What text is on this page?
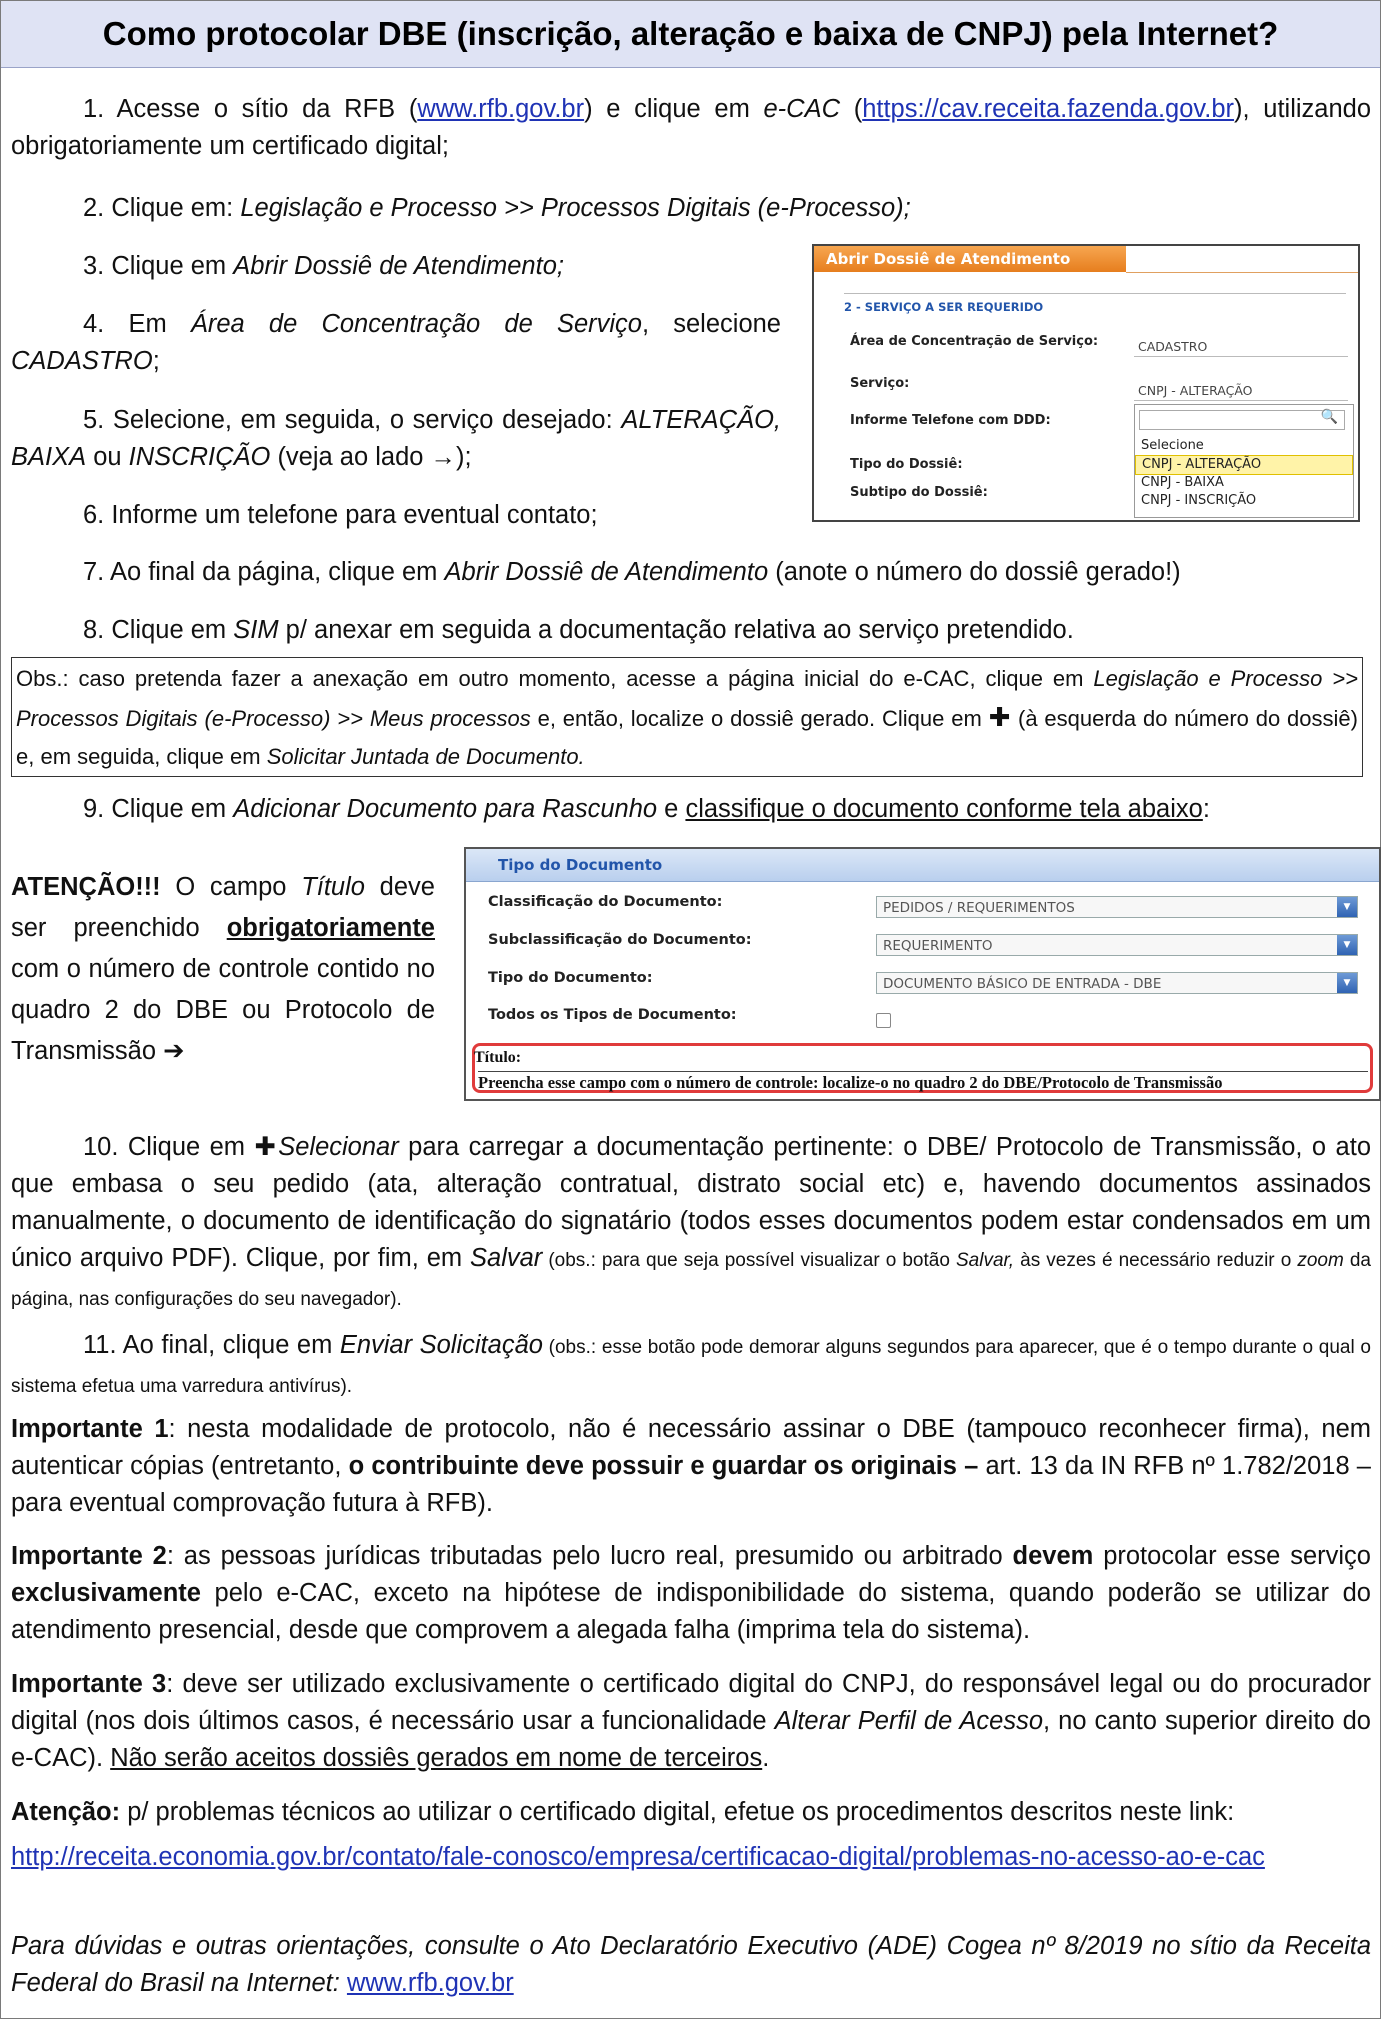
Como protocolar DBE (inscrição, alteração e baixa de CNPJ) pela Internet?
1. Acesse o sítio da RFB (www.rfb.gov.br) e clique em e-CAC (https://cav.receita.fazenda.gov.br), utilizando obrigatoriamente um certificado digital;
2. Clique em: Legislação e Processo >> Processos Digitais (e-Processo);
3. Clique em Abrir Dossiê de Atendimento;
4. Em Área de Concentração de Serviço, selecione CADASTRO;
5. Selecione, em seguida, o serviço desejado: ALTERAÇÃO, BAIXA ou INSCRIÇÃO (veja ao lado →);
6. Informe um telefone para eventual contato;
7. Ao final da página, clique em Abrir Dossiê de Atendimento (anote o número do dossiê gerado!)
8. Clique em SIM p/ anexar em seguida a documentação relativa ao serviço pretendido.
Obs.: caso pretenda fazer a anexação em outro momento, acesse a página inicial do e-CAC, clique em Legislação e Processo >> Processos Digitais (e-Processo) >> Meus processos e, então, localize o dossiê gerado. Clique em ✚ (à esquerda do número do dossiê) e, em seguida, clique em Solicitar Juntada de Documento.
9. Clique em Adicionar Documento para Rascunho e classifique o documento conforme tela abaixo:
ATENÇÃO!!! O campo Título deve ser preenchido obrigatoriamente com o número de controle contido no quadro 2 do DBE ou Protocolo de Transmissão ➔
10. Clique em ✚Selecionar para carregar a documentação pertinente: o DBE/ Protocolo de Transmissão, o ato que embasa o seu pedido (ata, alteração contratual, distrato social etc) e, havendo documentos assinados manualmente, o documento de identificação do signatário (todos esses documentos podem estar condensados em um único arquivo PDF). Clique, por fim, em Salvar (obs.: para que seja possível visualizar o botão Salvar, às vezes é necessário reduzir o zoom da página, nas configurações do seu navegador).
11. Ao final, clique em Enviar Solicitação (obs.: esse botão pode demorar alguns segundos para aparecer, que é o tempo durante o qual o sistema efetua uma varredura antivírus).
Importante 1: nesta modalidade de protocolo, não é necessário assinar o DBE (tampouco reconhecer firma), nem autenticar cópias (entretanto, o contribuinte deve possuir e guardar os originais – art. 13 da IN RFB nº 1.782/2018 – para eventual comprovação futura à RFB).
Importante 2: as pessoas jurídicas tributadas pelo lucro real, presumido ou arbitrado devem protocolar esse serviço exclusivamente pelo e-CAC, exceto na hipótese de indisponibilidade do sistema, quando poderão se utilizar do atendimento presencial, desde que comprovem a alegada falha (imprima tela do sistema).
Importante 3: deve ser utilizado exclusivamente o certificado digital do CNPJ, do responsável legal ou do procurador digital (nos dois últimos casos, é necessário usar a funcionalidade Alterar Perfil de Acesso, no canto superior direito do e-CAC). Não serão aceitos dossiês gerados em nome de terceiros.
Atenção: p/ problemas técnicos ao utilizar o certificado digital, efetue os procedimentos descritos neste link:
http://receita.economia.gov.br/contato/fale-conosco/empresa/certificacao-digital/problemas-no-acesso-ao-e-cac
Para dúvidas e outras orientações, consulte o Ato Declaratório Executivo (ADE) Cogea nº 8/2019 no sítio da Receita Federal do Brasil na Internet: www.rfb.gov.br
Abrir Dossiê de Atendimento
2 - SERVIÇO A SER REQUERIDO
Área de Concentração de Serviço:	CADASTRO
Serviço:	CNPJ - ALTERAÇÃO
Informe Telefone com DDD:
Tipo do Dossiê:
Subtipo do Dossiê:
🔍
Selecione
CNPJ - ALTERAÇÃO
CNPJ - BAIXA
CNPJ - INSCRIÇÃO
Tipo do Documento
Classificação do Documento:	PEDIDOS / REQUERIMENTOS	▼
Subclassificação do Documento:	REQUERIMENTO	▼
Tipo do Documento:	DOCUMENTO BÁSICO DE ENTRADA - DBE	▼
Todos os Tipos de Documento:
Título:
Preencha esse campo com o número de controle: localize-o no quadro 2 do DBE/Protocolo de Transmissão
